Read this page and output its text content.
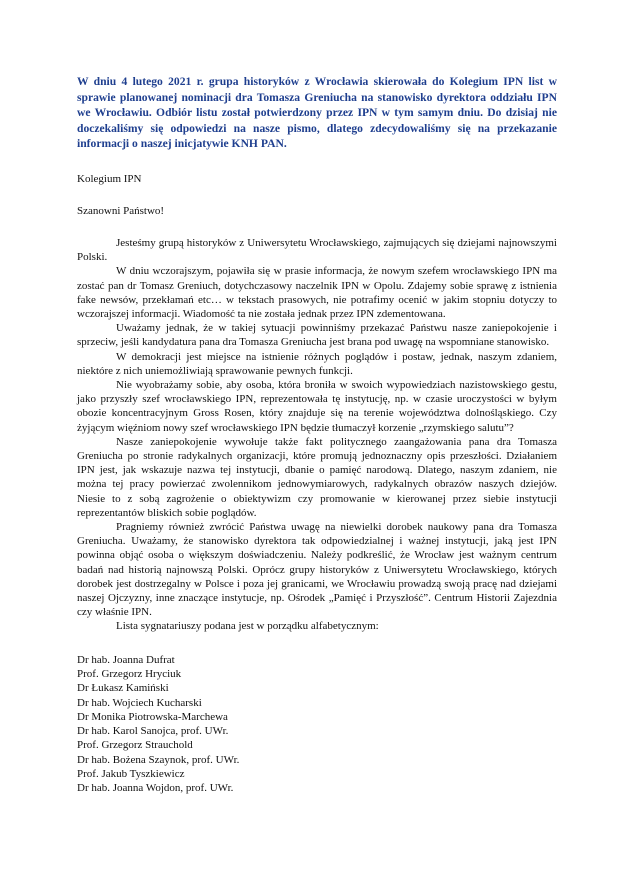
W dniu 4 lutego 2021 r. grupa historyków z Wrocławia skierowała do Kolegium IPN list w sprawie planowanej nominacji dra Tomasza Greniucha na stanowisko dyrektora oddziału IPN we Wrocławiu. Odbiór listu został potwierdzony przez IPN w tym samym dniu. Do dzisiaj nie doczekaliśmy się odpowiedzi na nasze pismo, dlatego zdecydowaliśmy się na przekazanie informacji o naszej inicjatywie KNH PAN.

Kolegium IPN

Szanowni Państwo!

Jesteśmy grupą historyków z Uniwersytetu Wrocławskiego, zajmujących się dziejami najnowszymi Polski.

W dniu wczorajszym, pojawiła się w prasie informacja, że nowym szefem wrocławskiego IPN ma zostać pan dr Tomasz Greniuch, dotychczasowy naczelnik IPN w Opolu. Zdajemy sobie sprawę z istnienia fake newsów, przekłamań etc… w tekstach prasowych, nie potrafimy ocenić w jakim stopniu dotyczy to wczorajszej informacji. Wiadomość ta nie została jednak przez IPN zdementowana.

Uważamy jednak, że w takiej sytuacji powinniśmy przekazać Państwu nasze zaniepokojenie i sprzeciw, jeśli kandydatura pana dra Tomasza Greniucha jest brana pod uwagę na wspomniane stanowisko.

W demokracji jest miejsce na istnienie różnych poglądów i postaw, jednak, naszym zdaniem, niektóre z nich uniemożliwiają sprawowanie pewnych funkcji.

Nie wyobrażamy sobie, aby osoba, która broniła w swoich wypowiedziach nazistowskiego gestu, jako przyszły szef wrocławskiego IPN, reprezentowała tę instytucję, np. w czasie uroczystości w byłym obozie koncentracyjnym Gross Rosen, który znajduje się na terenie województwa dolnośląskiego. Czy żyjącym więźniom nowy szef wrocławskiego IPN będzie tłumaczył korzenie „rzymskiego salutu”?

Nasze zaniepokojenie wywołuje także fakt politycznego zaangażowania pana dra Tomasza Greniucha po stronie radykalnych organizacji, które promują jednoznaczny opis przeszłości. Działaniem IPN jest, jak wskazuje nazwa tej instytucji, dbanie o pamięć narodową. Dlatego, naszym zdaniem, nie można tej pracy powierzać zwolennikom jednowymiarowych, radykalnych obrazów naszych dziejów. Niesie to z sobą zagrożenie o obiektywizm czy promowanie w kierowanej przez siebie instytucji reprezentantów bliskich sobie poglądów.

Pragniemy również zwrócić Państwa uwagę na niewielki dorobek naukowy pana dra Tomasza Greniucha. Uważamy, że stanowisko dyrektora tak odpowiedzialnej i ważnej instytucji, jaką jest IPN powinna objąć osoba o większym doświadczeniu. Należy podkreślić, że Wrocław jest ważnym centrum badań nad historią najnowszą Polski. Oprócz grupy historyków z Uniwersytetu Wrocławskiego, których dorobek jest dostrzegalny w Polsce i poza jej granicami, we Wrocławiu prowadzą swoją pracę nad dziejami naszej Ojczyzny, inne znaczące instytucje, np. Ośrodek „Pamięć i Przyszłość”. Centrum Historii Zajezdnia czy właśnie IPN.

Lista sygnatariuszy podana jest w porządku alfabetycznym:

Dr hab. Joanna Dufrat
Prof. Grzegorz Hryciuk
Dr Łukasz Kamiński
Dr hab. Wojciech Kucharski
Dr Monika Piotrowska-Marchewa
Dr hab. Karol Sanojca, prof. UWr.
Prof. Grzegorz Strauchold
Dr hab. Bożena Szaynok, prof. UWr.
Prof. Jakub Tyszkiewicz
Dr hab. Joanna Wojdon, prof. UWr.
